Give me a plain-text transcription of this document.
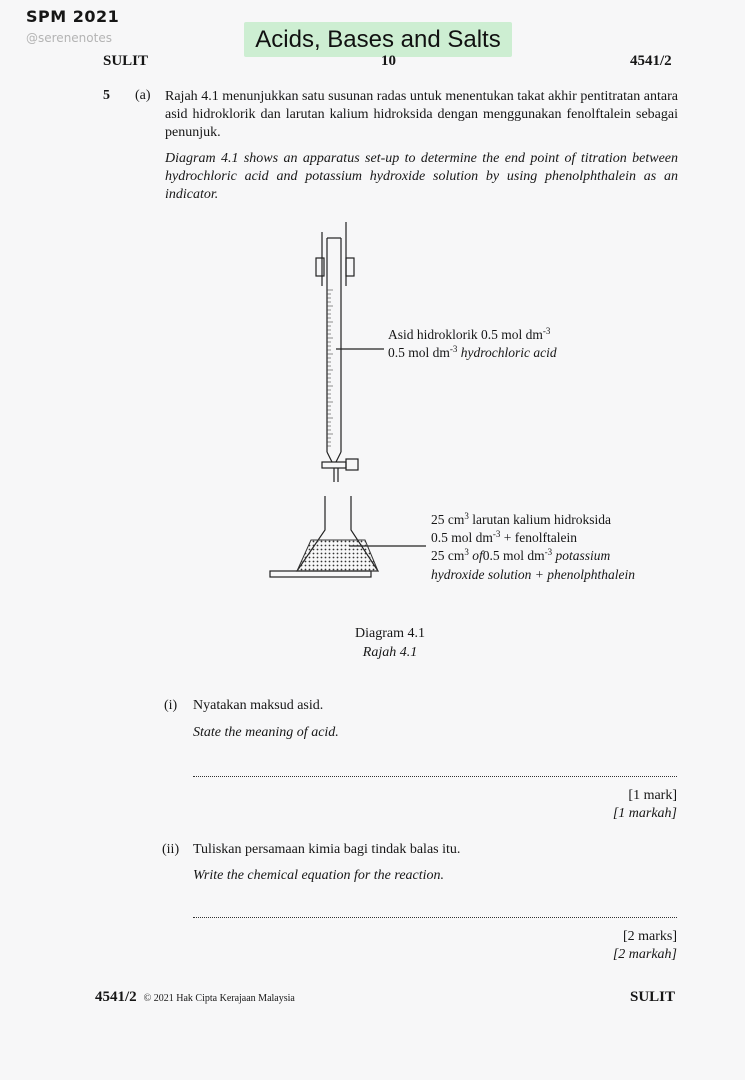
SPM 2021
@serenenotes	Acids, Bases and Salts
SULIT	10	4541/2
5 (a) Rajah 4.1 menunjukkan satu susunan radas untuk menentukan takat akhir pentitratan antara asid hidroklorik dan larutan kalium hidroksida dengan menggunakan fenolftalein sebagai penunjuk.
Diagram 4.1 shows an apparatus set-up to determine the end point of titration between hydrochloric acid and potassium hydroxide solution by using phenolphthalein as an indicator.
Asid hidroklorik 0.5 mol $dm^{-3}$
0.5 mol $dm^{-3}$ hydrochloric acid
25 $cm^3$ larutan kalium hidroksida
0.5 mol $dm^{-3}$ + fenolftalein
25 $cm^3$ of0.5 mol $dm^{-3}$ potassium
hydroxide solution + phenolphthalein
Diagram 4.1
Rajah 4.1
(i) Nyatakan maksud asid.
State the meaning of acid.
[1 mark]
[1 markah]
(ii) Tuliskan persamaan kimia bagi tindak balas itu.
Write the chemical equation for the reaction.
[2 marks]
[2 markah]
4541/2 © 2021 Hak Cipta Kerajaan Malaysia	SULIT
